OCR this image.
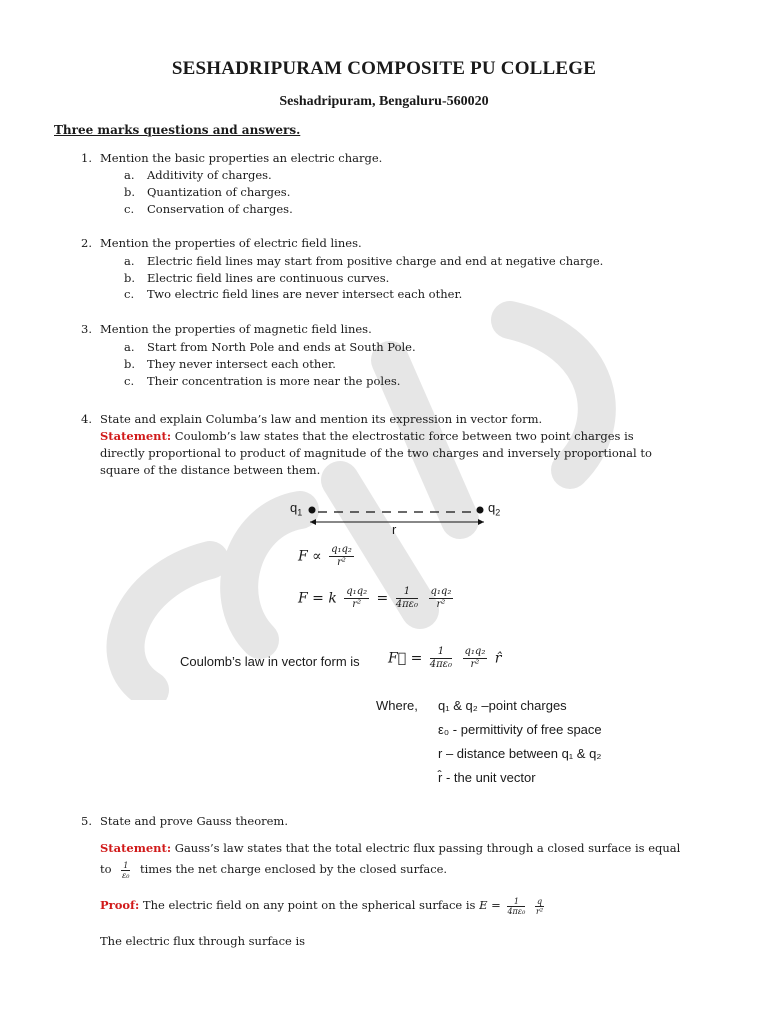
SESHADRIPURAM COMPOSITE PU COLLEGE
Seshadripuram, Bengaluru-560020
Three marks questions and answers.
1. Mention the basic properties an electric charge.
a. Additivity of charges.
b. Quantization of charges.
c. Conservation of charges.
2. Mention the properties of electric field lines.
a. Electric field lines may start from positive charge and end at negative charge.
b. Electric field lines are continuous curves.
c. Two electric field lines are never intersect each other.
3. Mention the properties of magnetic field lines.
a. Start from North Pole and ends at South Pole.
b. They never intersect each other.
c. Their concentration is more near the poles.
4. State and explain Columba’s law and mention its expression in vector form.
Statement: Coulomb’s law states that the electrostatic force between two point charges is
directly proportional to product of magnitude of the two charges and inversely proportional to
square of the distance between them.
$q_1$	$q_2$
r
$F \propto \frac{\text{q₁q₂}}{\text{r²}}$
F = k $\frac{\text{q₁q₂}}{\text{r²}} = \frac{1}{\text{4πε₀}}$
$\frac{\text{q₁q₂}}{\text{r²}}$
Coulomb’s law in vector form is F⃗ = $\frac{1}{\text{4πε₀}}$
$\frac{\text{q₁q₂}}{\text{r²}}$ r̂
Where, q₁ & q₂ –point charges
ε₀ - permittivity of free space
r – distance between q₁ & q₂
r̂ - the unit vector
5. State and prove Gauss theorem.
Statement: Gauss’s law states that the total electric flux passing through a closed surface is equal
to $\frac{1}{\text{ε₀}}$ times the net charge enclosed by the closed surface.
Proof: The electric field on any point on the spherical surface is $E = \frac{1}{\text{4πε₀}}$
$\frac{q}{\text{r²}}$
The electric flux through surface is
